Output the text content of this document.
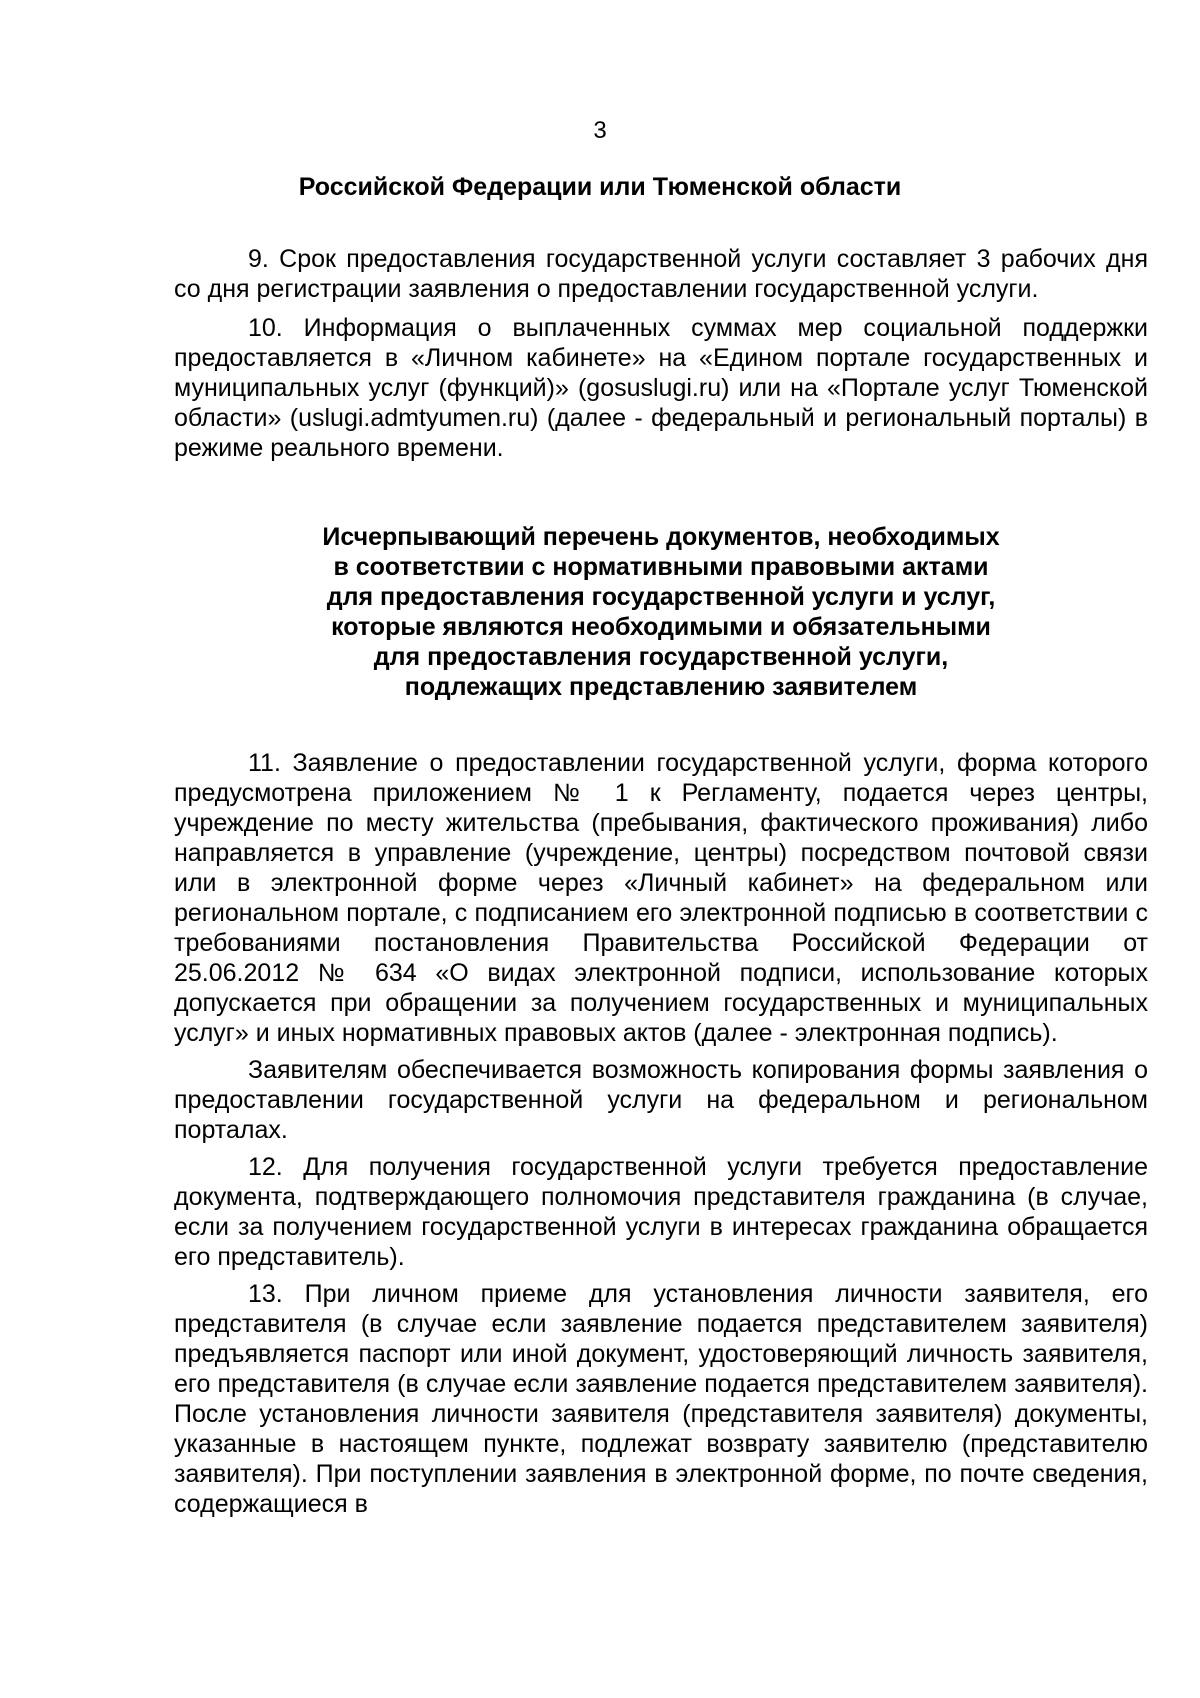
3
Российской Федерации или Тюменской области

9. Срок предоставления государственной услуги составляет 3 рабочих дня со дня регистрации заявления о предоставлении государственной услуги.

10. Информация о выплаченных суммах мер социальной поддержки предоставляется в «Личном кабинете» на «Едином портале государственных и муниципальных услуг (функций)» (gosuslugi.ru) или на «Портале услуг Тюменской области» (uslugi.admtyumen.ru) (далее - федеральный и региональный порталы) в режиме реального времени.

Исчерпывающий перечень документов, необходимых
в соответствии с нормативными правовыми актами
для предоставления государственной услуги и услуг,
которые являются необходимыми и обязательными
для предоставления государственной услуги,
подлежащих представлению заявителем

11. Заявление о предоставлении государственной услуги, форма которого предусмотрена приложением № 1 к Регламенту, подается через центры, учреждение по месту жительства (пребывания, фактического проживания) либо направляется в управление (учреждение, центры) посредством почтовой связи или в электронной форме через «Личный кабинет» на федеральном или региональном портале, с подписанием его электронной подписью в соответствии с требованиями постановления Правительства Российской Федерации от 25.06.2012 № 634 «О видах электронной подписи, использование которых допускается при обращении за получением государственных и муниципальных услуг» и иных нормативных правовых актов (далее - электронная подпись).

Заявителям обеспечивается возможность копирования формы заявления о предоставлении государственной услуги на федеральном и региональном порталах.

12. Для получения государственной услуги требуется предоставление документа, подтверждающего полномочия представителя гражданина (в случае, если за получением государственной услуги в интересах гражданина обращается его представитель).

13. При личном приеме для установления личности заявителя, его представителя (в случае если заявление подается представителем заявителя) предъявляется паспорт или иной документ, удостоверяющий личность заявителя, его представителя (в случае если заявление подается представителем заявителя). После установления личности заявителя (представителя заявителя) документы, указанные в настоящем пункте, подлежат возврату заявителю (представителю заявителя). При поступлении заявления в электронной форме, по почте сведения, содержащиеся в
